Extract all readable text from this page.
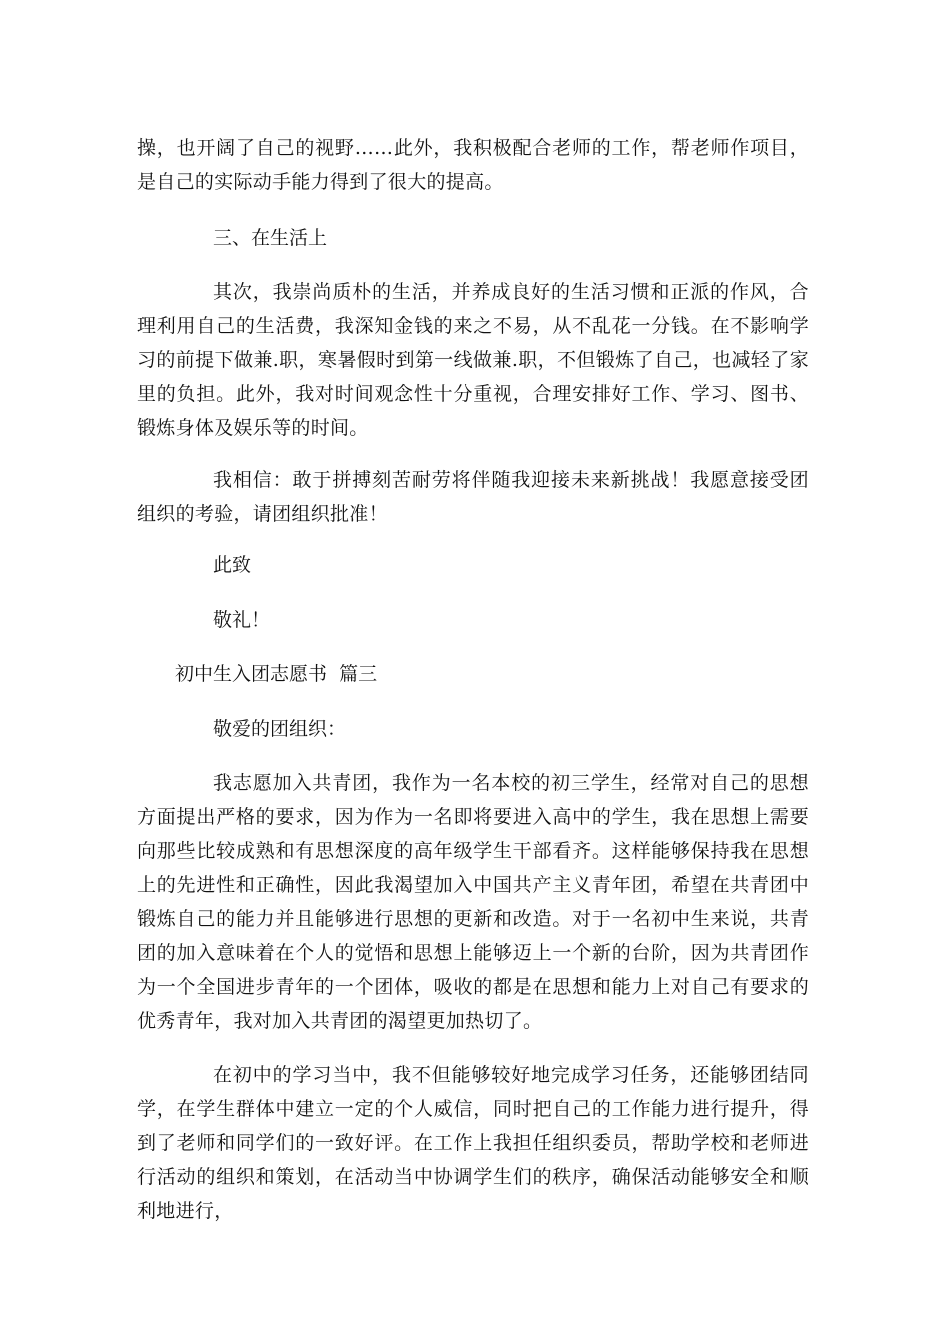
操，也开阔了自己的视野……此外，我积极配合老师的工作，帮老师作项目，是自己的实际动手能力得到了很大的提高。

三、在生活上

其次，我崇尚质朴的生活，并养成良好的生活习惯和正派的作风，合理利用自己的生活费，我深知金钱的来之不易，从不乱花一分钱。在不影响学习的前提下做兼.职，寒暑假时到第一线做兼.职，不但锻炼了自己，也减轻了家里的负担。此外，我对时间观念性十分重视，合理安排好工作、学习、图书、锻炼身体及娱乐等的时间。

我相信：敢于拼搏刻苦耐劳将伴随我迎接未来新挑战！我愿意接受团组织的考验，请团组织批准！

此致

敬礼！

初中生入团志愿书  篇三

敬爱的团组织：

我志愿加入共青团，我作为一名本校的初三学生，经常对自己的思想方面提出严格的要求，因为作为一名即将要进入高中的学生，我在思想上需要向那些比较成熟和有思想深度的高年级学生干部看齐。这样能够保持我在思想上的先进性和正确性，因此我渴望加入中国共产主义青年团，希望在共青团中锻炼自己的能力并且能够进行思想的更新和改造。对于一名初中生来说，共青团的加入意味着在个人的觉悟和思想上能够迈上一个新的台阶，因为共青团作为一个全国进步青年的一个团体，吸收的都是在思想和能力上对自己有要求的优秀青年，我对加入共青团的渴望更加热切了。

在初中的学习当中，我不但能够较好地完成学习任务，还能够团结同学，在学生群体中建立一定的个人威信，同时把自己的工作能力进行提升，得到了老师和同学们的一致好评。在工作上我担任组织委员，帮助学校和老师进行活动的组织和策划，在活动当中协调学生们的秩序，确保活动能够安全和顺利地进行，
